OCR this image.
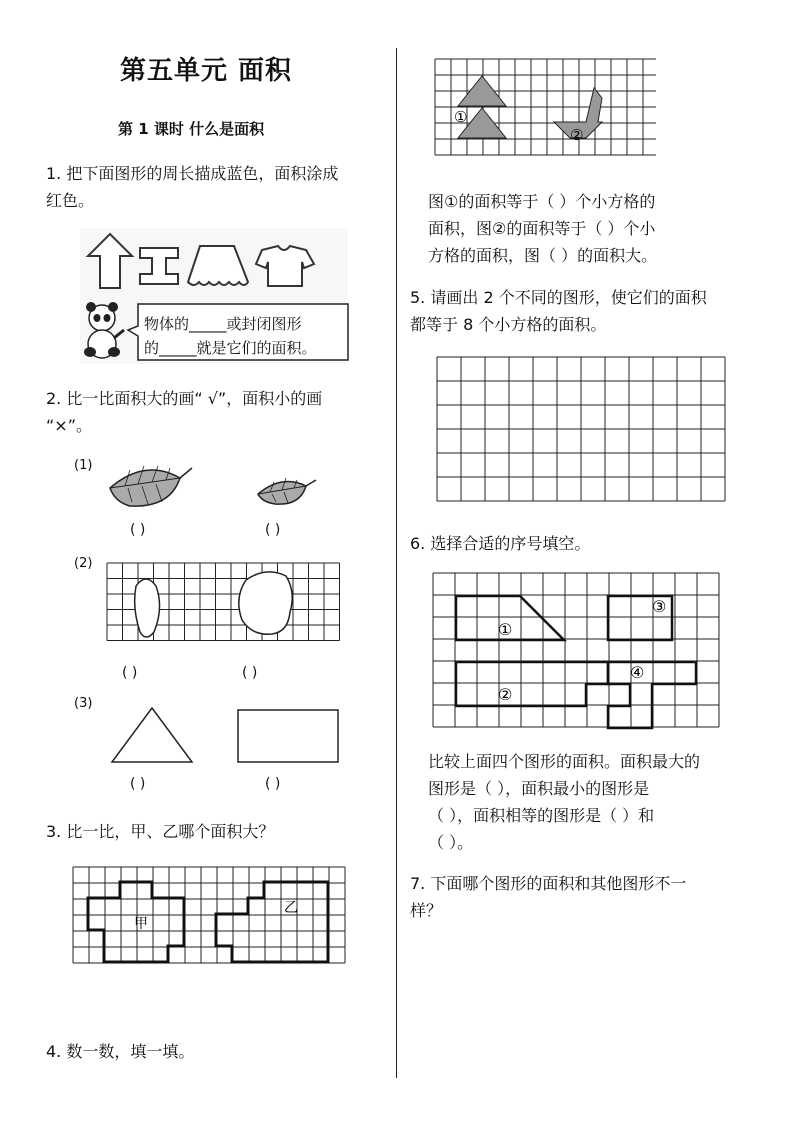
第五单元 面积
第 1 课时 什么是面积
1. 把下面图形的周长描成蓝色，面积涂成
红色。
物体的_____或封闭图形
的_____就是它们的面积。
2. 比一比面积大的画“ √”，面积小的画
“×”。
(1)
( )	( )
(2)
( )	( )
(3)
( )	( )
3. 比一比，甲、乙哪个面积大？
甲
乙
4. 数一数，填一填。
①
②
图①的面积等于（ ）个小方格的
面积，图②的面积等于（ ）个小
方格的面积，图（ ）的面积大。
5. 请画出 2 个不同的图形，使它们的面积
都等于 8 个小方格的面积。
6. 选择合适的序号填空。
①
②
③
④
比较上面四个图形的面积。面积最大的
图形是（ ），面积最小的图形是
（ ），面积相等的图形是（ ）和
（ ）。
7. 下面哪个图形的面积和其他图形不一
样？
